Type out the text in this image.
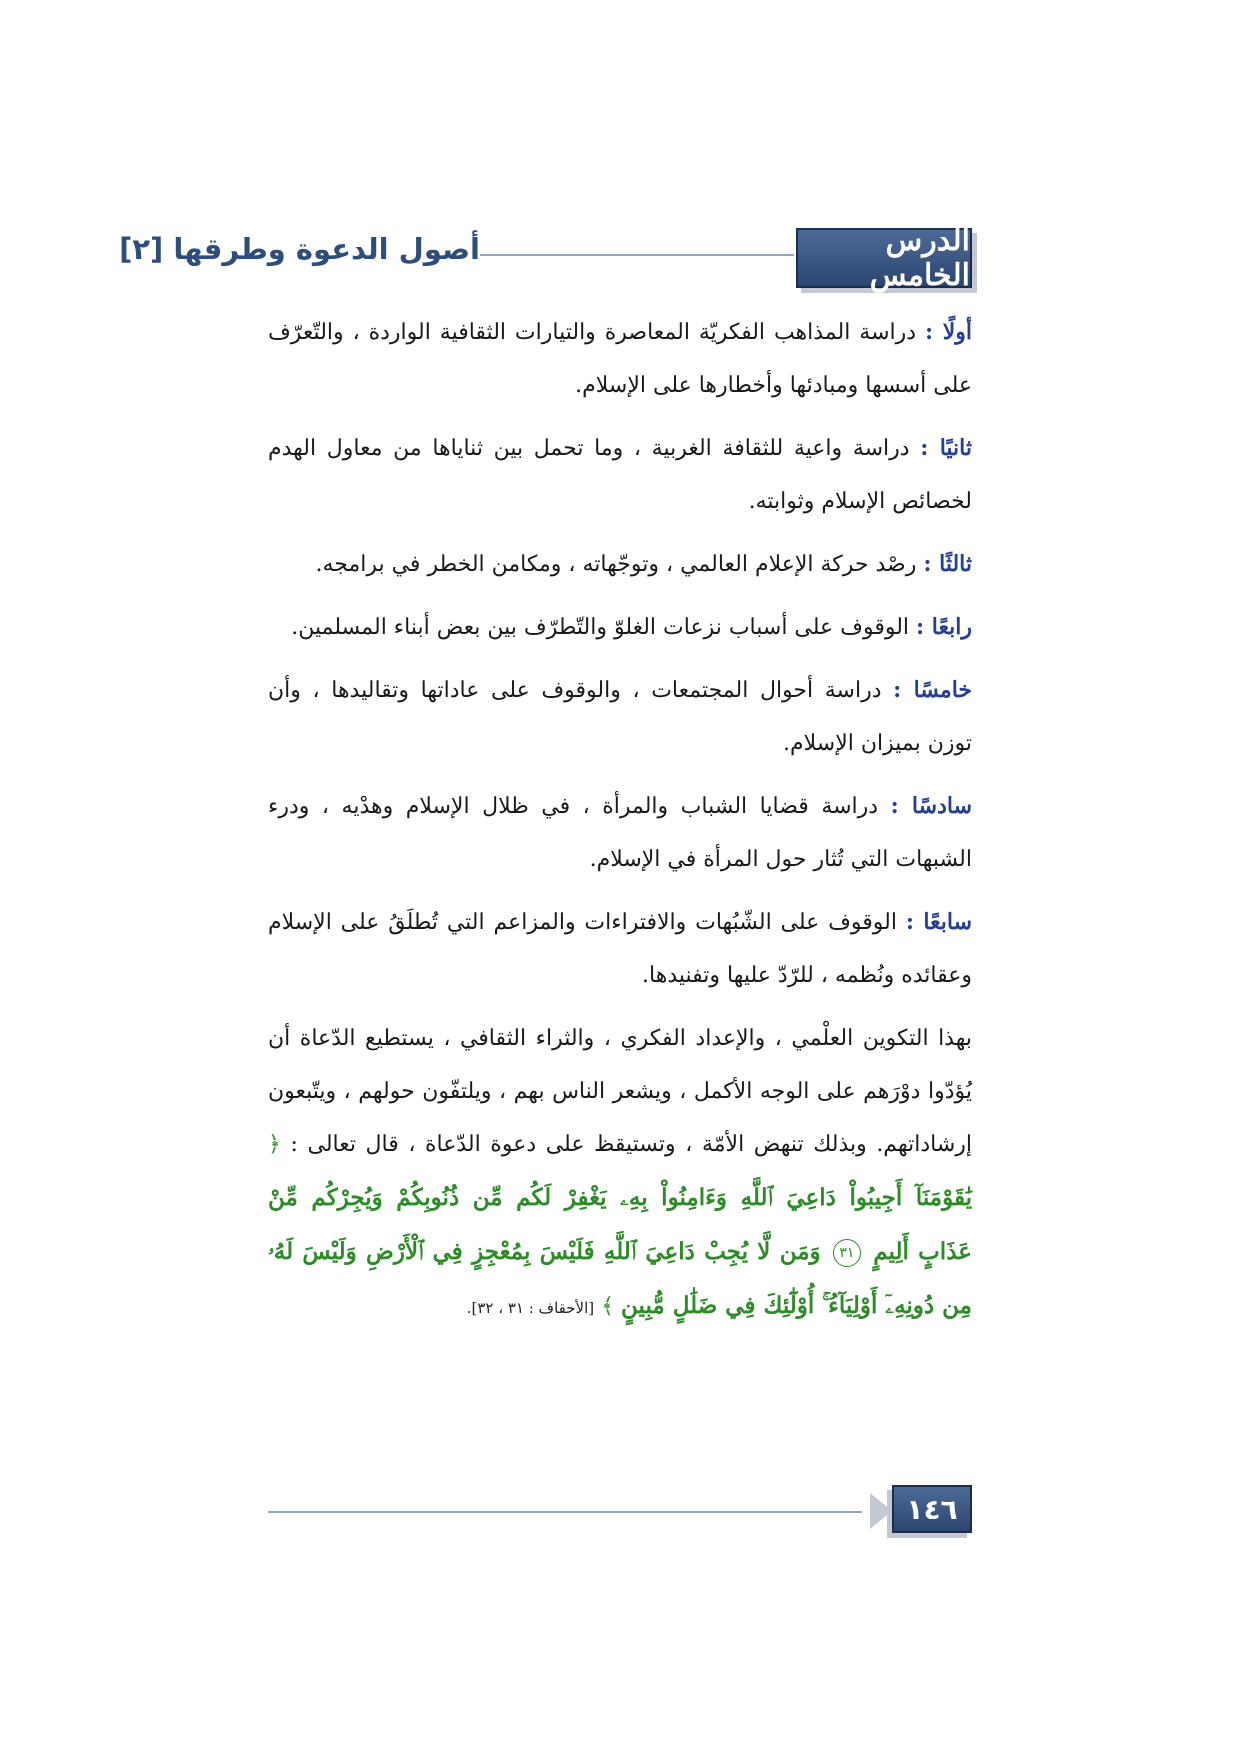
الدرس الخامس
أصول الدعوة وطرقها [٢]

أولًا : دراسة المذاهب الفكريّة المعاصرة والتيارات الثقافية الواردة ، والتّعرّف على أسسها ومبادئها وأخطارها على الإسلام.

ثانيًا : دراسة واعية للثقافة الغربية ، وما تحمل بين ثناياها من معاول الهدم لخصائص الإسلام وثوابته.

ثالثًا : رصْد حركة الإعلام العالمي ، وتوجّهاته ، ومكامن الخطر في برامجه.

رابعًا : الوقوف على أسباب نزعات الغلوّ والتّطرّف بين بعض أبناء المسلمين.

خامسًا : دراسة أحوال المجتمعات ، والوقوف على عاداتها وتقاليدها ، وأن توزن بميزان الإسلام.

سادسًا : دراسة قضايا الشباب والمرأة ، في ظلال الإسلام وهدْيه ، ودرء الشبهات التي تُثار حول المرأة في الإسلام.

سابعًا : الوقوف على الشّبُهات والافتراءات والمزاعم التي تُطلَقُ على الإسلام وعقائده ونُظمه ، للرّدّ عليها وتفنيدها.

بهذا التكوين العلْمي ، والإعداد الفكري ، والثراء الثقافي ، يستطيع الدّعاة أن يُؤدّوا دوْرَهم على الوجه الأكمل ، ويشعر الناس بهم ، ويلتفّون حولهم ، ويتّبعون إرشاداتهم. وبذلك تنهض الأمّة ، وتستيقظ على دعوة الدّعاة ، قال تعالى : ﴿ يَٰقَوْمَنَآ أَجِيبُواْ دَاعِيَ ٱللَّهِ وَءَامِنُواْ بِهِۦ يَغْفِرْ لَكُم مِّن ذُنُوبِكُمْ وَيُجِرْكُم مِّنْ عَذَابٍ أَلِيمٍ ٣١ وَمَن لَّا يُجِبْ دَاعِيَ ٱللَّهِ فَلَيْسَ بِمُعْجِزٍ فِي ٱلْأَرْضِ وَلَيْسَ لَهُۥ مِن دُونِهِۦٓ أَوْلِيَآءُ ۚ أُوْلَٰٓئِكَ فِي ضَلَٰلٍ مُّبِينٍ ﴾ [الأحقاف : ٣١ ، ٣٢].

١٤٦
